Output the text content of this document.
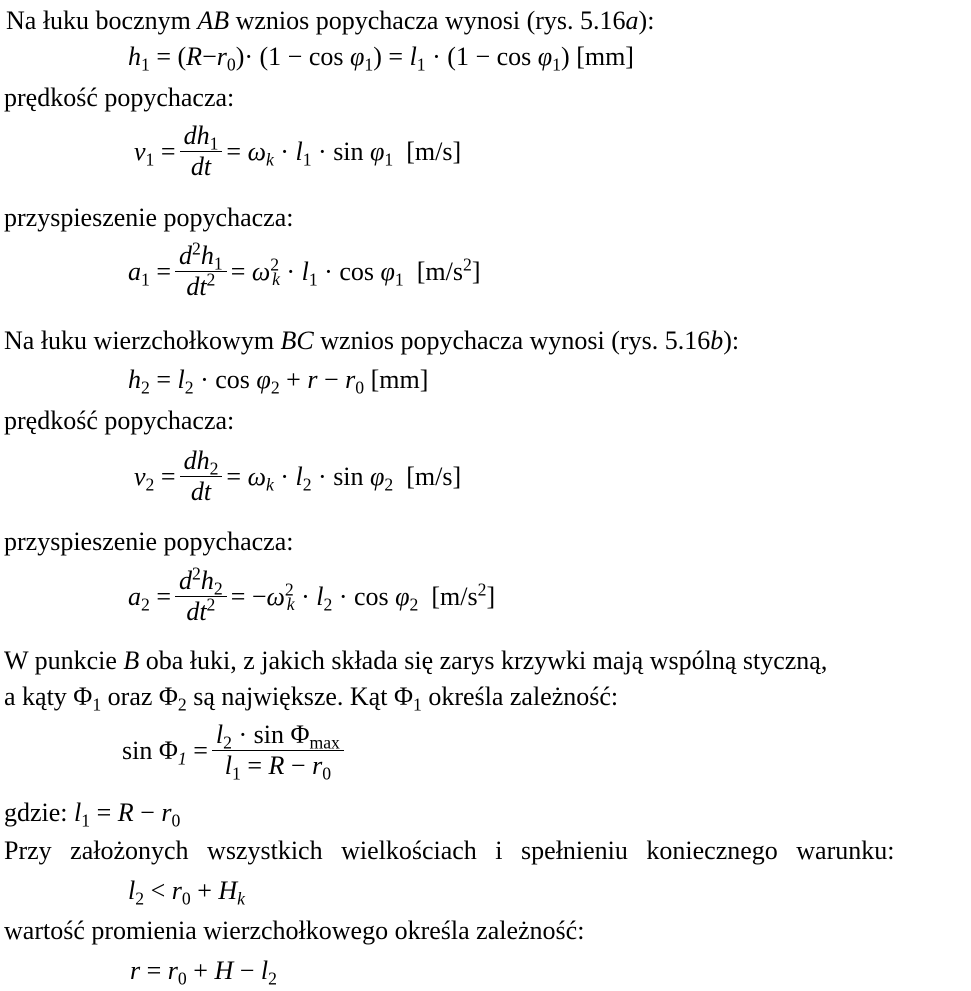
Na łuku bocznym AB wznios popychacza wynosi (rys. 5.16a):
$h_1 = (R-r_0)\cdot (1 - \cos \varphi_1) = l_1 \cdot (1 - \cos \varphi_1)$ [mm]
prędkość popychacza:
$v_1 = \frac{dh_1}{dt} = \omega_k \cdot l_1 \cdot \sin \varphi_1$ [m/s]
przyspieszenie popychacza:
$a_1 = \frac{d^2h_1}{dt^2} = \omega^2_k \cdot l_1 \cdot \cos \varphi_1$ $[m/s^2]$
Na łuku wierzchołkowym BC wznios popychacza wynosi (rys. 5.16b):
$h_2 = l_2 \cdot \cos \varphi_2 + r - r_0$ [mm]
prędkość popychacza:
$v_2 = \frac{dh_2}{dt} = \omega_k \cdot l_2 \cdot \sin \varphi_2$ [m/s]
przyspieszenie popychacza:
$a_2 = \frac{d^2h_2}{dt^2} = -\omega^2_k \cdot l_2 \cdot \cos \varphi_2$ $[m/s^2]$
W punkcie B oba łuki, z jakich składa się zarys krzywki mają wspólną styczną,
a kąty $\Phi_1$ oraz $\Phi_2$ są największe. Kąt $\Phi_1$ określa zależność:
$\sin \Phi_1 = \frac{l_2 \cdot \sin \Phi_{max}}{l_1 = R - r_0}$
gdzie: $l_1 = R - r_0$
Przy założonych wszystkich wielkościach i spełnieniu koniecznego warunku:
$l_2 < r_0 + H_k$
wartość promienia wierzchołkowego określa zależność:
$r = r_0 + H - l_2$
